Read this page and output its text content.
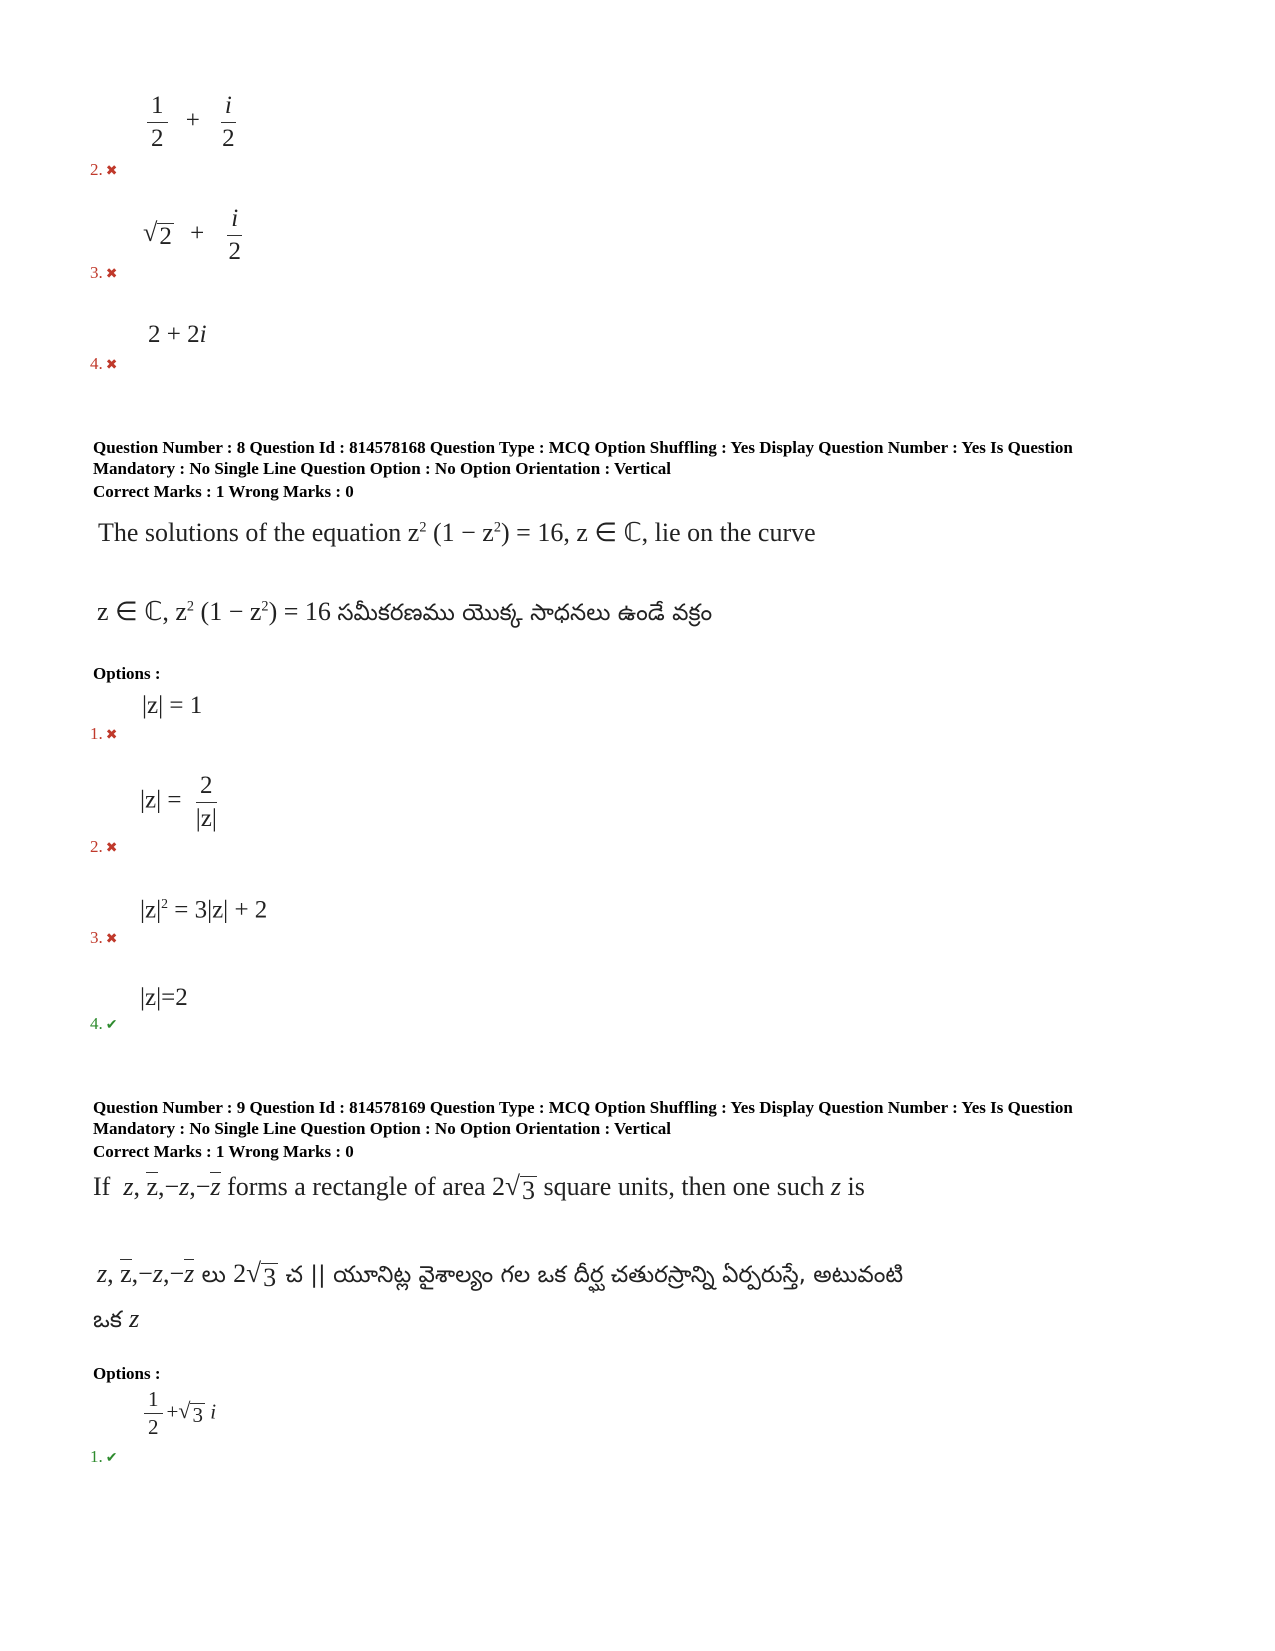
$\frac{1}{2} + \frac{i}{2}$
2. ✖
√ $2 + \frac{i}{2}$
3. ✖
2 + 2i
4. ✖
Question Number : 8 Question Id : 814578168 Question Type : MCQ Option Shuffling : Yes Display Question Number : Yes Is Question
Mandatory : No Single Line Question Option : No Option Orientation : Vertical
Correct Marks : 1 Wrong Marks : 0
The solutions of the equation $z^2$ $(1 - z^2) = 16$, z ∈ ℂ, lie on the curve
z ∈ ℂ, $z^2$ $(1 - z^2) = 16$ సమీకరణము యొక్క సాధనలు ఉండే వక్రం
Options :
|z| = 1
1. ✖
$|z| = \frac{2}{|z|}$
2. ✖
$|z|^2 = 3|z| + 2$
3. ✖
|z|=2
4. ✔
Question Number : 9 Question Id : 814578169 Question Type : MCQ Option Shuffling : Yes Display Question Number : Yes Is Question
Mandatory : No Single Line Question Option : No Option Orientation : Vertical
Correct Marks : 1 Wrong Marks : 0
If z, z,−z,−z forms a rectangle of area 2 √ 3 square units, then one such z is
z, z,−z,−z లు 2 √ 3 చ || యూనిట్ల వైశాల్యం గల ఒక దీర్ఘ చతురస్రాన్ని ఏర్పరుస్తే, అటువంటి
ఒక z
Options :
$\frac{1}{2}$ + √ 3 i
1. ✔
